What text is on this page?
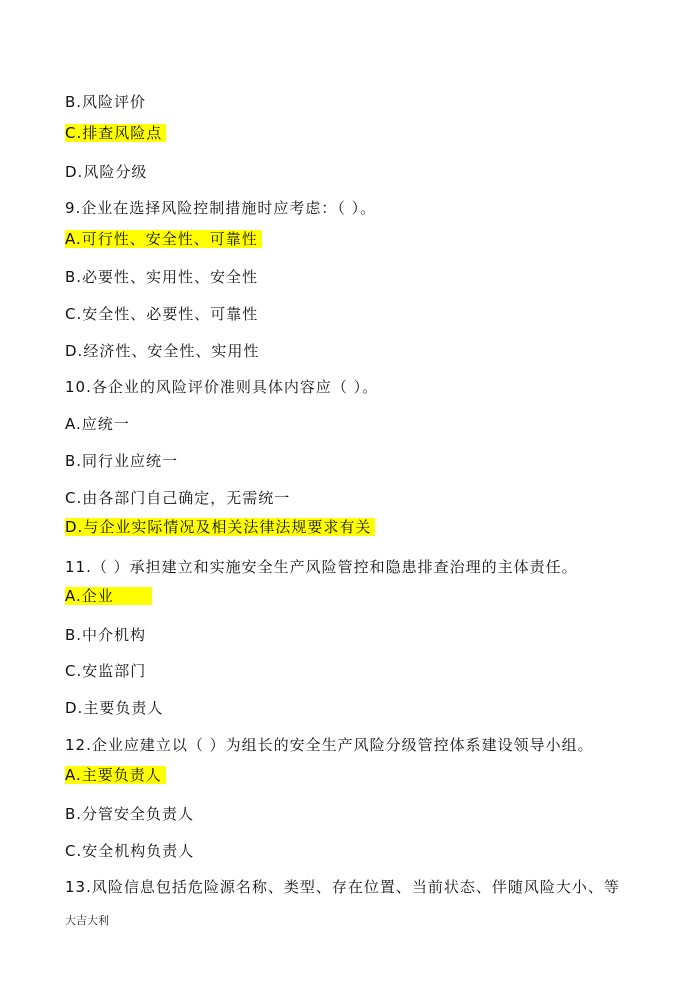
B.风险评价
C.排查风险点
D.风险分级
9.企业在选择风险控制措施时应考虑：（ ）。
A.可行性、安全性、可靠性
B.必要性、实用性、安全性
C.安全性、必要性、可靠性
D.经济性、安全性、实用性
10.各企业的风险评价准则具体内容应（ ）。
A.应统一
B.同行业应统一
C.由各部门自己确定，无需统一
D.与企业实际情况及相关法律法规要求有关
11.（ ）承担建立和实施安全生产风险管控和隐患排查治理的主体责任。
A.企业
B.中介机构
C.安监部门
D.主要负责人
12.企业应建立以（ ）为组长的安全生产风险分级管控体系建设领导小组。
A.主要负责人
B.分管安全负责人
C.安全机构负责人
13.风险信息包括危险源名称、类型、存在位置、当前状态、伴随风险大小、等
大吉大利
